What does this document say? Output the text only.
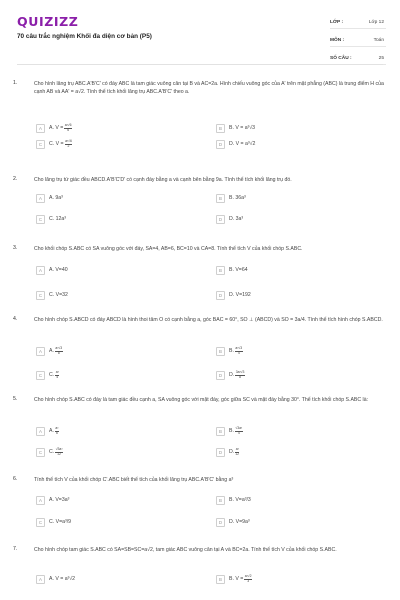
QUIZIZZ
70 câu trắc nghiệm Khối đa diện cơ bản (P5)
LỚP :	Lớp 12
MÔN :	Toán
SỐ CÂU :	25
1.	Cho hình lăng trụ ABC.A'B'C' có đáy ABC là tam giác vuông cân tại B và AC=2a. Hình chiếu vuông góc của A' trên mặt phẳng (ABC) là trung điểm H của cạnh AB và AA' = a√2. Tính thể tích khối lăng trụ ABC.A'B'C' theo a.
A	A. $V = \frac{\text{a³√6}}{6}$	B	B. V = a³√3
C	C. $V = \frac{\text{a³√6}}{2}$	D	D. V = a³√2
2.	Cho lăng trụ tứ giác đều ABCD.A'B'C'D' có cạnh đáy bằng a và cạnh bên bằng 9a. Tính thể tích khối lăng trụ đó.
A	A. 9a³	B	B. 36a³
C	C. 12a³	D	D. 3a³
3.	Cho khối chóp S.ABC có SA vuông góc với đáy, SA=4, AB=6, BC=10 và CA=8. Tính thể tích V của khối chóp S.ABC.
A	A. V=40	B	B. V=64
C	C. V=32	D	D. V=192
4.	Cho hình chóp S.ABCD có đáy ABCD là hình thoi tâm O có cạnh bằng a, góc BAC = 60°, SO ⊥ (ABCD) và SO = 3a/4. Tính thể tích hình chóp S.ABCD.
A	A. $\frac{\text{a³√3}}{8}$	B	B. $\frac{\text{a³√3}}{4}$
C	C. $\frac{\text{a³}}{4}$	D	D. $\frac{\text{3a³√3}}{8}$
5.	Cho hình chóp S.ABC có đáy là tam giác đều cạnh a, SA vuông góc với mặt đáy, góc giữa SC và mặt đáy bằng 30°. Thể tích khối chóp S.ABC là:
A	A. $\frac{\text{a³}}{6}$	B	B. $\frac{\text{√3a³}}{4}$
C	C. $\frac{\text{√3a³}}{12}$	D	D. $\frac{\text{a³}}{12}$
6.	Tính thể tích V của khối chóp C'.ABC biết thể tích của khối lăng trụ ABC.A'B'C' bằng a³
A	A. V=3a³	B	B. V=a³/3
C	C. V=a³/9	D	D. V=9a³
7.	Cho hình chóp tam giác S.ABC có SA=SB=SC=a√2, tam giác ABC vuông cân tại A và BC=2a. Tính thể tích V của khối chóp S.ABC.
A	A. V = a³√2	B	B. $V = \frac{\text{a³√2}}{3}$
